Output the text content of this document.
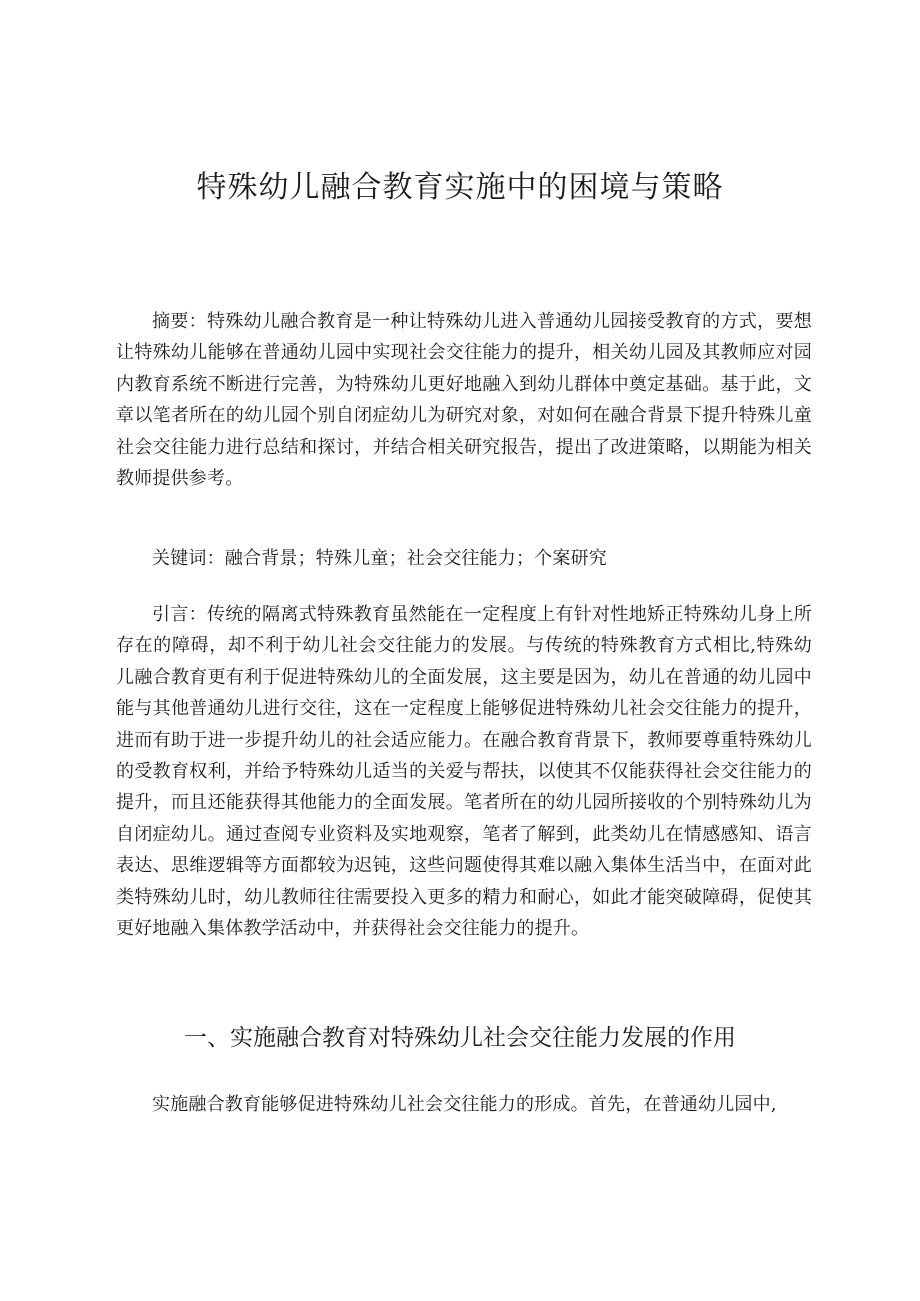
特殊幼儿融合教育实施中的困境与策略

摘要：特殊幼儿融合教育是一种让特殊幼儿进入普通幼儿园接受教育的方式，要想让特殊幼儿能够在普通幼儿园中实现社会交往能力的提升，相关幼儿园及其教师应对园内教育系统不断进行完善，为特殊幼儿更好地融入到幼儿群体中奠定基础。基于此，文章以笔者所在的幼儿园个别自闭症幼儿为研究对象，对如何在融合背景下提升特殊儿童社会交往能力进行总结和探讨，并结合相关研究报告，提出了改进策略，以期能为相关教师提供参考。

关键词：融合背景；特殊儿童；社会交往能力；个案研究

引言：传统的隔离式特殊教育虽然能在一定程度上有针对性地矫正特殊幼儿身上所存在的障碍，却不利于幼儿社会交往能力的发展。与传统的特殊教育方式相比,特殊幼儿融合教育更有利于促进特殊幼儿的全面发展，这主要是因为，幼儿在普通的幼儿园中能与其他普通幼儿进行交往，这在一定程度上能够促进特殊幼儿社会交往能力的提升，进而有助于进一步提升幼儿的社会适应能力。在融合教育背景下，教师要尊重特殊幼儿的受教育权利，并给予特殊幼儿适当的关爱与帮扶，以使其不仅能获得社会交往能力的提升，而且还能获得其他能力的全面发展。笔者所在的幼儿园所接收的个别特殊幼儿为自闭症幼儿。通过查阅专业资料及实地观察，笔者了解到，此类幼儿在情感感知、语言表达、思维逻辑等方面都较为迟钝，这些问题使得其难以融入集体生活当中，在面对此类特殊幼儿时，幼儿教师往往需要投入更多的精力和耐心，如此才能突破障碍，促使其更好地融入集体教学活动中，并获得社会交往能力的提升。

一、实施融合教育对特殊幼儿社会交往能力发展的作用

实施融合教育能够促进特殊幼儿社会交往能力的形成。首先，在普通幼儿园中,
